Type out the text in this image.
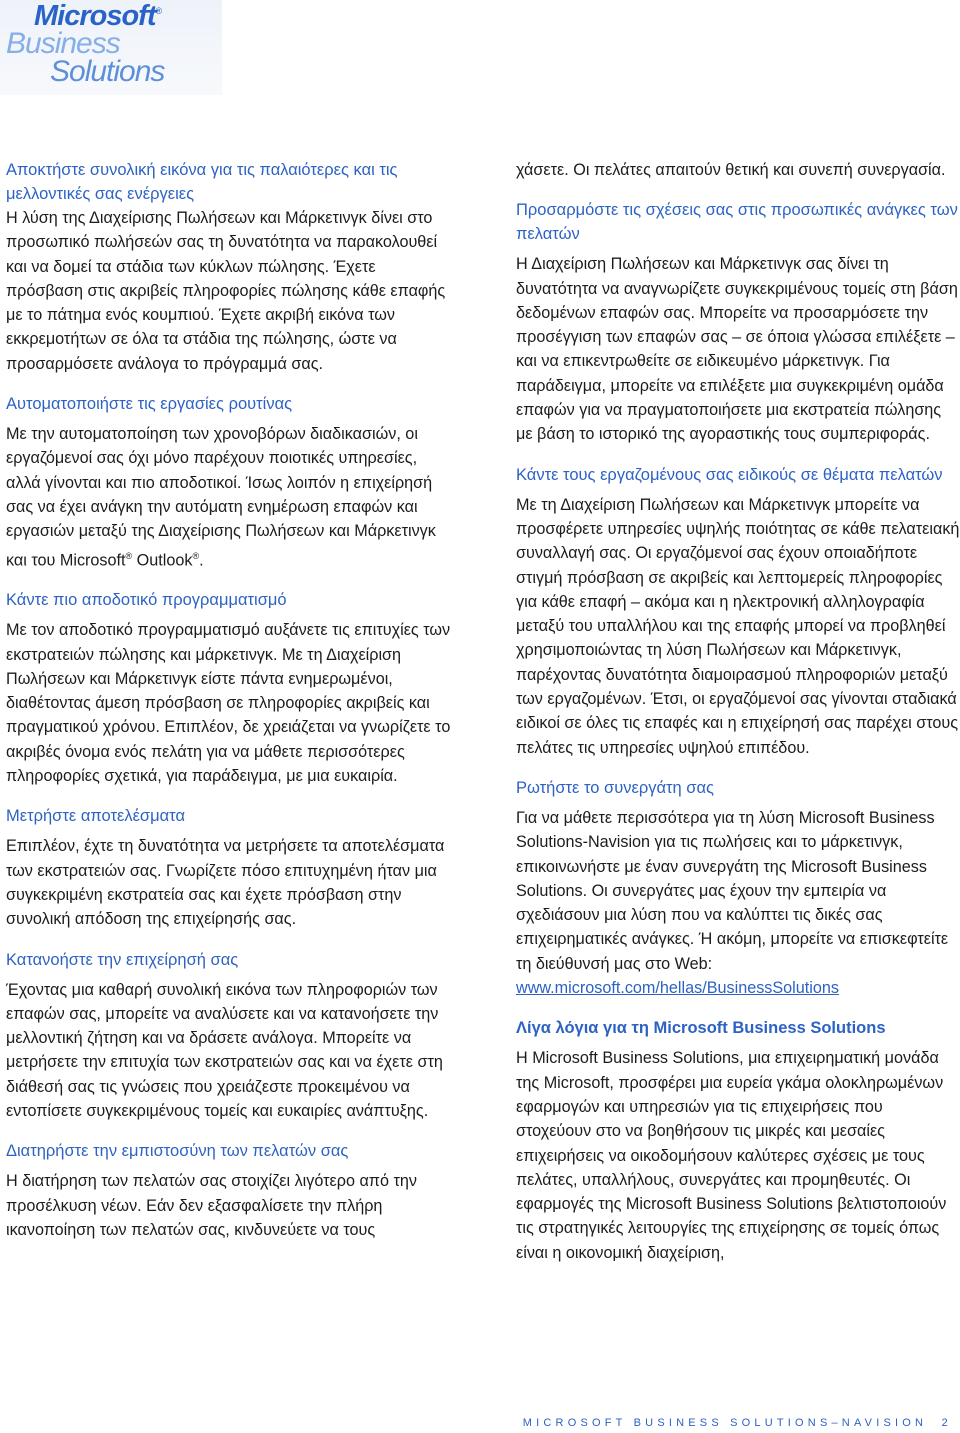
Microsoft®
Business
Solutions

Αποκτήστε συνολική εικόνα για τις παλαιότερες και τις μελλοντικές σας ενέργειες

Η λύση της Διαχείρισης Πωλήσεων και Μάρκετινγκ δίνει στο προσωπικό πωλήσεών σας τη δυνατότητα να παρακολουθεί και να δομεί τα στάδια των κύκλων πώλησης. Έχετε πρόσβαση στις ακριβείς πληροφορίες πώλησης κάθε επαφής με το πάτημα ενός κουμπιού. Έχετε ακριβή εικόνα των εκκρεμοτήτων σε όλα τα στάδια της πώλησης, ώστε να προσαρμόσετε ανάλογα το πρόγραμμά σας.

Αυτοματοποιήστε τις εργασίες ρουτίνας

Με την αυτοματοποίηση των χρονοβόρων διαδικασιών, οι εργαζόμενοί σας όχι μόνο παρέχουν ποιοτικές υπηρεσίες, αλλά γίνονται και πιο αποδοτικοί. Ίσως λοιπόν η επιχείρησή σας να έχει ανάγκη την αυτόματη ενημέρωση επαφών και εργασιών μεταξύ της Διαχείρισης Πωλήσεων και Μάρκετινγκ και του Microsoft® Outlook®.

Κάντε πιο αποδοτικό προγραμματισμό

Με τον αποδοτικό προγραμματισμό αυξάνετε τις επιτυχίες των εκστρατειών πώλησης και μάρκετινγκ. Με τη Διαχείριση Πωλήσεων και Μάρκετινγκ είστε πάντα ενημερωμένοι, διαθέτοντας άμεση πρόσβαση σε πληροφορίες ακριβείς και πραγματικού χρόνου. Επιπλέον, δε χρειάζεται να γνωρίζετε το ακριβές όνομα ενός πελάτη για να μάθετε περισσότερες πληροφορίες σχετικά, για παράδειγμα, με μια ευκαιρία.

Μετρήστε αποτελέσματα

Επιπλέον, έχτε τη δυνατότητα να μετρήσετε τα αποτελέσματα των εκστρατειών σας. Γνωρίζετε πόσο επιτυχημένη ήταν μια συγκεκριμένη εκστρατεία σας και έχετε πρόσβαση στην συνολική απόδοση της επιχείρησής σας.

Κατανοήστε την επιχείρησή σας

Έχοντας μια καθαρή συνολική εικόνα των πληροφοριών των επαφών σας, μπορείτε να αναλύσετε και να κατανοήσετε την μελλοντική ζήτηση και να δράσετε ανάλογα. Μπορείτε να μετρήσετε την επιτυχία των εκστρατειών σας και να έχετε στη διάθεσή σας τις γνώσεις που χρειάζεστε προκειμένου να εντοπίσετε συγκεκριμένους τομείς και ευκαιρίες ανάπτυξης.

Διατηρήστε την εμπιστοσύνη των πελατών σας

Η διατήρηση των πελατών σας στοιχίζει λιγότερο από την προσέλκυση νέων. Εάν δεν εξασφαλίσετε την πλήρη ικανοποίηση των πελατών σας, κινδυνεύετε να τους

χάσετε. Οι πελάτες απαιτούν θετική και συνεπή συνεργασία.

Προσαρμόστε τις σχέσεις σας στις προσωπικές ανάγκες των πελατών

Η Διαχείριση Πωλήσεων και Μάρκετινγκ σας δίνει τη δυνατότητα να αναγνωρίζετε συγκεκριμένους τομείς στη βάση δεδομένων επαφών σας. Μπορείτε να προσαρμόσετε την προσέγγιση των επαφών σας – σε όποια γλώσσα επιλέξετε – και να επικεντρωθείτε σε ειδικευμένο μάρκετινγκ. Για παράδειγμα, μπορείτε να επιλέξετε μια συγκεκριμένη ομάδα επαφών για να πραγματοποιήσετε μια εκστρατεία πώλησης με βάση το ιστορικό της αγοραστικής τους συμπεριφοράς.

Κάντε τους εργαζομένους σας ειδικούς σε θέματα πελατών

Με τη Διαχείριση Πωλήσεων και Μάρκετινγκ μπορείτε να προσφέρετε υπηρεσίες υψηλής ποιότητας σε κάθε πελατειακή συναλλαγή σας. Οι εργαζόμενοί σας έχουν οποιαδήποτε στιγμή πρόσβαση σε ακριβείς και λεπτομερείς πληροφορίες για κάθε επαφή – ακόμα και η ηλεκτρονική αλληλογραφία μεταξύ του υπαλλήλου και της επαφής μπορεί να προβληθεί χρησιμοποιώντας τη λύση Πωλήσεων και Μάρκετινγκ, παρέχοντας δυνατότητα διαμοιρασμού πληροφοριών μεταξύ των εργαζομένων. Έτσι, οι εργαζόμενοί σας γίνονται σταδιακά ειδικοί σε όλες τις επαφές και η επιχείρησή σας παρέχει στους πελάτες τις υπηρεσίες υψηλού επιπέδου.

Ρωτήστε το συνεργάτη σας

Για να μάθετε περισσότερα για τη λύση Microsoft Business Solutions-Navision για τις πωλήσεις και το μάρκετινγκ, επικοινωνήστε με έναν συνεργάτη της Microsoft Business Solutions. Οι συνεργάτες μας έχουν την εμπειρία να σχεδιάσουν μια λύση που να καλύπτει τις δικές σας επιχειρηματικές ανάγκες. Ή ακόμη, μπορείτε να επισκεφτείτε τη διεύθυνσή μας στο Web:
www.microsoft.com/hellas/BusinessSolutions

Λίγα λόγια για τη Microsoft Business Solutions

Η Microsoft Business Solutions, μια επιχειρηματική μονάδα της Microsoft, προσφέρει μια ευρεία γκάμα ολοκληρωμένων εφαρμογών και υπηρεσιών για τις επιχειρήσεις που στοχεύουν στο να βοηθήσουν τις μικρές και μεσαίες επιχειρήσεις να οικοδομήσουν καλύτερες σχέσεις με τους πελάτες, υπαλλήλους, συνεργάτες και προμηθευτές. Οι εφαρμογές της Microsoft Business Solutions βελτιστοποιούν τις στρατηγικές λειτουργίες της επιχείρησης σε τομείς όπως είναι η οικονομική διαχείριση,

MICROSOFT BUSINESS SOLUTIONS–NAVISION 2
